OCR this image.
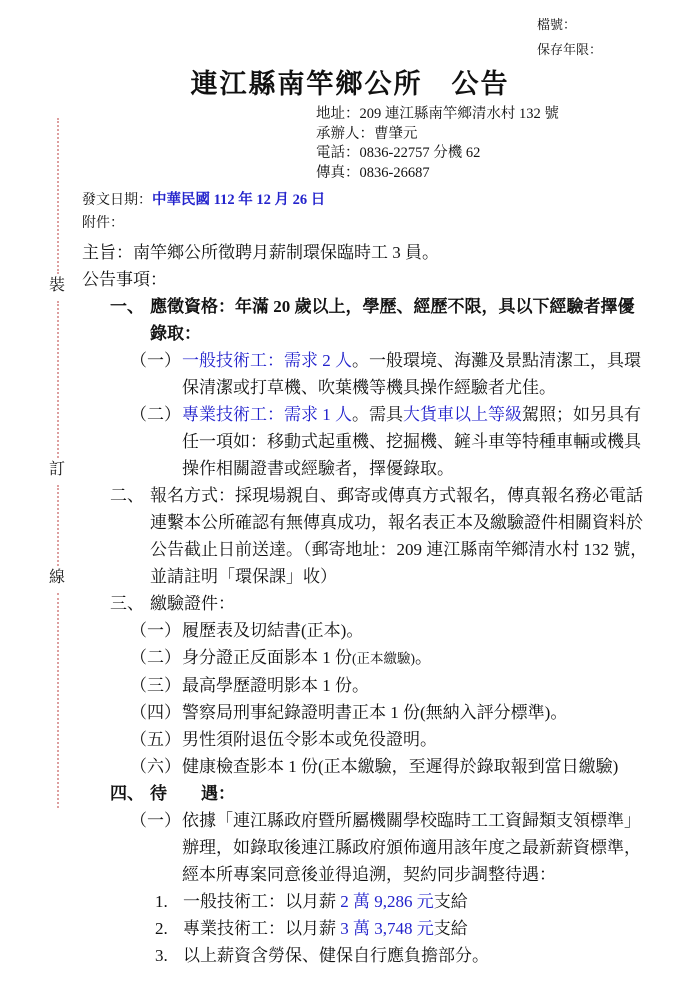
檔號：
保存年限：
裝
訂
線
連江縣南竿鄉公所　公告
地址：209 連江縣南竿鄉清水村 132 號
承辦人：曹肇元
電話：0836-22757 分機 62
傳真：0836-26687
發文日期：中華民國 112 年 12 月 26 日
附件：
主旨：南竿鄉公所徵聘月薪制環保臨時工 3 員。
公告事項：

一、 應徵資格：年滿 20 歲以上，學歷、經歷不限，具以下經驗者擇優錄取：

（一）一般技術工：需求 2 人。一般環境、海灘及景點清潔工，具環保清潔或打草機、吹葉機等機具操作經驗者尤佳。

（二）專業技術工：需求 1 人。需具大貨車以上等級駕照；如另具有任一項如：移動式起重機、挖掘機、鏟斗車等特種車輛或機具操作相關證書或經驗者，擇優錄取。

二、 報名方式：採現場親自、郵寄或傳真方式報名，傳真報名務必電話連繫本公所確認有無傳真成功，報名表正本及繳驗證件相關資料於公告截止日前送達。（郵寄地址：209 連江縣南竿鄉清水村 132 號，並請註明「環保課」收）

三、 繳驗證件：

（一）履歷表及切結書(正本)。

（二）身分證正反面影本 1 份(正本繳驗)。

（三）最高學歷證明影本 1 份。

（四）警察局刑事紀錄證明書正本 1 份(無納入評分標準)。

（五）男性須附退伍令影本或免役證明。

（六）健康檢查影本 1 份(正本繳驗，至遲得於錄取報到當日繳驗)

四、 待　　遇：

（一）依據「連江縣政府暨所屬機關學校臨時工工資歸類支領標準」辦理，如錄取後連江縣政府頒佈適用該年度之最新薪資標準，經本所專案同意後並得追溯，契約同步調整待遇：

1. 一般技術工：以月薪 2 萬 9,286 元支給

2. 專業技術工：以月薪 3 萬 3,748 元支給

3. 以上薪資含勞保、健保自行應負擔部分。
